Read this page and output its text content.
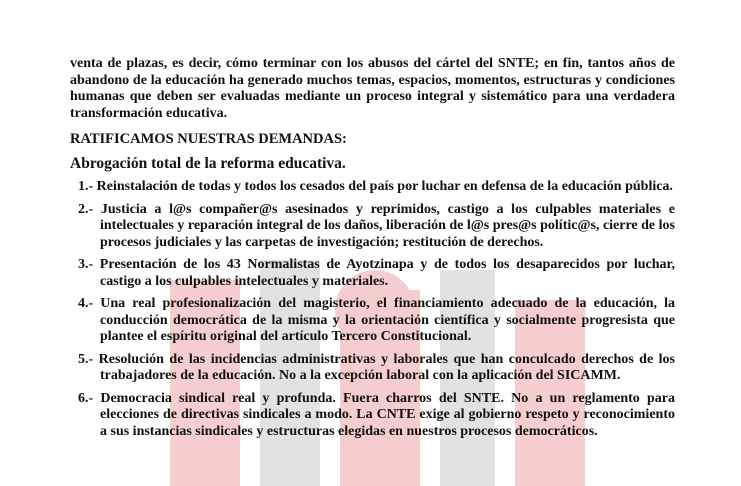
venta de plazas, es decir, cómo terminar con los abusos del cártel del SNTE; en fin, tantos años de abandono de la educación ha generado muchos temas, espacios, momentos, estructuras y condiciones humanas que deben ser evaluadas mediante un proceso integral y sistemático para una verdadera transformación educativa.

RATIFICAMOS NUESTRAS DEMANDAS:
Abrogación total de la reforma educativa.
1.- Reinstalación de todas y todos los cesados del país por luchar en defensa de la educación pública.
2.- Justicia a l@s compañer@s asesinados y reprimidos, castigo a los culpables materiales e intelectuales y reparación integral de los daños, liberación de l@s pres@s polític@s, cierre de los procesos judiciales y las carpetas de investigación; restitución de derechos.
3.- Presentación de los 43 Normalistas de Ayotzinapa y de todos los desaparecidos por luchar, castigo a los culpables intelectuales y materiales.
4.- Una real profesionalización del magisterio, el financiamiento adecuado de la educación, la conducción democrática de la misma y la orientación científica y socialmente progresista que plantee el espíritu original del artículo Tercero Constitucional.
5.- Resolución de las incidencias administrativas y laborales que han conculcado derechos de los trabajadores de la educación. No a la excepción laboral con la aplicación del SICAMM.
6.- Democracia sindical real y profunda. Fuera charros del SNTE. No a un reglamento para elecciones de directivas sindicales a modo. La CNTE exige al gobierno respeto y reconocimiento a sus instancias sindicales y estructuras elegidas en nuestros procesos democráticos.
